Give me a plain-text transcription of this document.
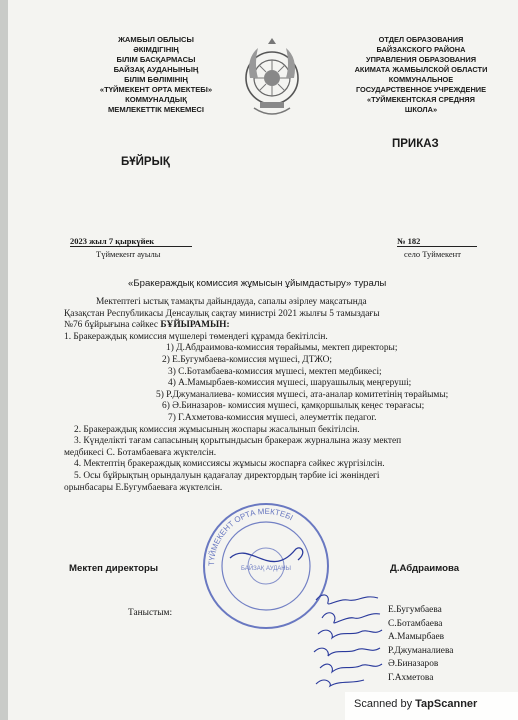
ЖАМБЫЛ ОБЛЫСЫ
ӘКІМДІГІНІҢ
БІЛІМ БАСҚАРМАСЫ
БАЙЗАҚ АУДАНЫНЫҢ
БІЛІМ БӨЛІМІНІҢ
«ТҮЙМЕКЕНТ ОРТА МЕКТЕБІ»
КОММУНАЛДЫҚ
МЕМЛЕКЕТТІК МЕКЕМЕСІ
ОТДЕЛ ОБРАЗОВАНИЯ
БАЙЗАКСКОГО РАЙОНА
УПРАВЛЕНИЯ ОБРАЗОВАНИЯ
АКИМАТА ЖАМБЫЛСКОЙ ОБЛАСТИ
КОММУНАЛЬНОЕ
ГОСУДАРСТВЕННОЕ УЧРЕЖДЕНИЕ
«ТУЙМЕКЕНТСКАЯ СРЕДНЯЯ
ШКОЛА»
БҰЙРЫҚ
ПРИКАЗ
2023 жыл 7 қыркүйек
Түймекент ауылы
№ 182
село Туймекент
«Бракераждық комиссия жұмысын ұйымдастыру» туралы
Мектептегі ыстық тамақты дайындауда, сапалы әзірлеу мақсатында
Қазақстан Республикасы Денсаулық сақтау министрі 2021 жылғы 5 тамыздағы
№76 бұйрығына сәйкес БҰЙЫРАМЫН:
1. Бракераждық комиссия мүшелері төмендегі құрамда бекітілсін.
1) Д.Абдраимова-комиссия төрайымы, мектеп директоры;
2) Е.Бугумбаева-комиссия мүшесі, ДТЖО;
3) С.Ботамбаева-комиссия мүшесі, мектеп медбикесі;
4) А.Мамырбаев-комиссия мүшесі, шаруашылық меңгеруші;
5) Р.Джуманалиева- комиссия мүшесі, ата-аналар комитетінің төрайымы;
6) Ә.Биназаров- комиссия мүшесі, қамқоршылық кеңес төрағасы;
7) Г.Ахметова-комиссия мүшесі, әлеуметтік педагог.
2. Бракераждық комиссия жұмысының жоспары жасалынып бекітілсін.
3. Күнделікті тағам сапасының қорытындысын бракераж журналына жазу мектеп
медбикесі С. Ботамбаеваға жүктелсін.
4. Мектептің бракераждық комиссиясы жұмысы жоспарға сәйкес жүргізілсін.
5. Осы бұйрықтың орындалуын қадағалау директордың тәрбие ісі жөніндегі
орынбасары Е.Бугумбаеваға жүктелсін.
ТҮЙМЕКЕНТ ОРТА МЕКТЕБІ
БАЙЗАҚ АУДАНЫ
Мектеп директоры	Д.Абдраимова
Таныстым:	Е.Бугумбаева
С.Ботамбаева
А.Мамырбаев
Р.Джуманалиева
Ә.Биназаров
Г.Ахметова
Scanned by TapScanner
